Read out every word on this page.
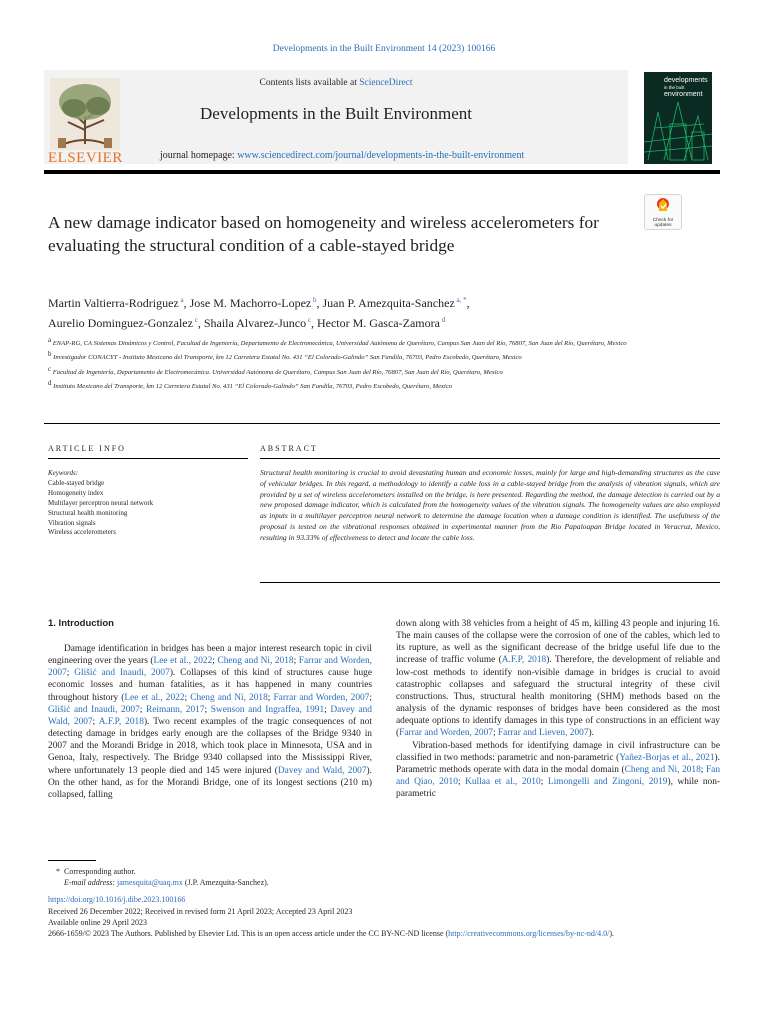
Developments in the Built Environment 14 (2023) 100166
Contents lists available at ScienceDirect
Developments in the Built Environment
journal homepage: www.sciencedirect.com/journal/developments-in-the-built-environment
ELSEVIER
developments
in the built
environment
Check for
updates
A new damage indicator based on homogeneity and wireless accelerometers for evaluating the structural condition of a cable-stayed bridge
Martin Valtierra-Rodriguez $^a$, Jose M. Machorro-Lopez $^b$, Juan P. Amezquita-Sanchez $^{a, *}$,
Aurelio Dominguez-Gonzalez $^c$, Shaila Alvarez-Junco $^c$, Hector M. Gasca-Zamora $^d$
$^a$ ENAP-RG, CA Sistemas Dinámicos y Control, Facultad de Ingeniería, Departamento de Electromecánica, Universidad Autónoma de Querétaro, Campus San Juan del Río, 76807, San Juan del Río, Querétaro, Mexico
$^b$ Investigador CONACYT - Instituto Mexicano del Transporte, km 12 Carretera Estatal No. 431 “El Colorado-Galindo” San Fandila, 76703, Pedro Escobedo, Querétaro, Mexico
$^c$ Facultad de Ingeniería, Departamento de Electromecánica. Universidad Autónoma de Querétaro, Campus San Juan del Río, 76807, San Juan del Río, Querétaro, Mexico
$^d$ Instituto Mexicano del Transporte, km 12 Carretera Estatal No. 431 “El Colorado-Galindo” San Fandila, 76703, Pedro Escobedo, Querétaro, Mexico
ARTICLE INFO	ABSTRACT
Keywords:
Cable-stayed bridge
Homogeneity index
Multilayer perceptron neural network
Structural health monitoring
Vibration signals
Wireless accelerometers
Structural health monitoring is crucial to avoid devastating human and economic losses, mainly for large and high-demanding structures as the case of vehicular bridges. In this regard, a methodology to identify a cable loss in a cable-stayed bridge from the analysis of vibration signals, which are provided by a set of wireless accelerometers installed on the bridge, is here presented. Regarding the method, the damage detection is carried out by a new proposed damage indicator, which is calculated from the homogeneity values of the vibration signals. The homogeneity values are also employed as inputs in a multilayer perceptron neural network to determine the damage location when a damage condition is identified. The usefulness of the proposal is tested on the vibrational responses obtained in experimental manner from the Rio Papaloapan Bridge located in Veracruz, Mexico, resulting in 93.33% of effectiveness to detect and locate the cable loss.
1. Introduction

Damage identification in bridges has been a major interest research topic in civil engineering over the years (Lee et al., 2022; Cheng and Ni, 2018; Farrar and Worden, 2007; Glišić and Inaudi, 2007). Collapses of this kind of structures cause huge economic losses and human fatalities, as it has happened in many countries throughout history (Lee et al., 2022; Cheng and Ni, 2018; Farrar and Worden, 2007; Glišić and Inaudi, 2007; Reimann, 2017; Swenson and Ingraffea, 1991; Davey and Wald, 2007; A.F.P, 2018). Two recent examples of the tragic consequences of not detecting damage in bridges early enough are the collapses of the Bridge 9340 in 2007 and the Morandi Bridge in 2018, which took place in Minnesota, USA and in Genoa, Italy, respectively. The Bridge 9340 collapsed into the Mississippi River, where unfortunately 13 people died and 145 were injured (Davey and Wald, 2007). On the other hand, as for the Morandi Bridge, one of its longest sections (210 m) collapsed, falling

down along with 38 vehicles from a height of 45 m, killing 43 people and injuring 16. The main causes of the collapse were the corrosion of one of the cables, which led to its rupture, as well as the significant decrease of the bridge useful life due to the increase of traffic volume (A.F.P, 2018). Therefore, the development of reliable and low-cost methods to identify non-visible damage in bridges is crucial to avoid catastrophic collapses and safeguard the structural integrity of these civil constructions. Thus, structural health monitoring (SHM) methods based on the analysis of the dynamic responses of bridges have been considered as the most adequate options to identify damages in this type of constructions in an efficient way (Farrar and Worden, 2007; Farrar and Lieven, 2007).

Vibration-based methods for identifying damage in civil infrastructure can be classified in two methods: parametric and non-parametric (Yañez-Borjas et al., 2021). Parametric methods operate with data in the modal domain (Cheng and Ni, 2018; Fan and Qiao, 2010; Kullaa et al., 2010; Limongelli and Zingoni, 2019), while non-parametric

* Corresponding author.
E-mail address: jamesquita@uaq.mx (J.P. Amezquita-Sanchez).
https://doi.org/10.1016/j.dibe.2023.100166
Received 26 December 2022; Received in revised form 21 April 2023; Accepted 23 April 2023
Available online 29 April 2023
2666-1659/© 2023 The Authors. Published by Elsevier Ltd. This is an open access article under the CC BY-NC-ND license (http://creativecommons.org/licenses/by-nc-nd/4.0/).
